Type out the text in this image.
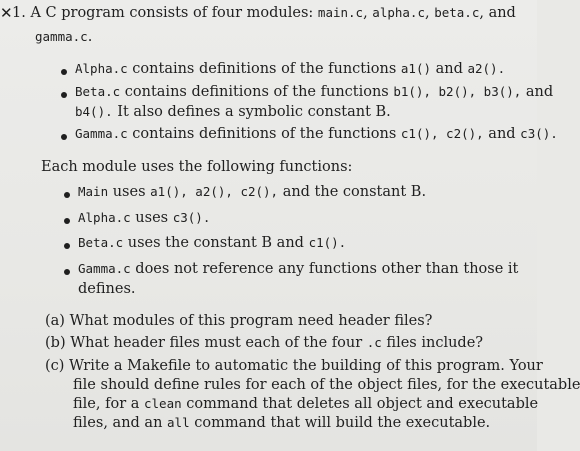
✕ 1. A C program consists of four modules: main.c, alpha.c, beta.c, and
gamma.c.
Alpha.c contains definitions of the functions a1() and a2().
Beta.c contains definitions of the functions b1(), b2(), b3(), and
b4(). It also defines a symbolic constant B.
Gamma.c contains definitions of the functions c1(), c2(), and c3().
Each module uses the following functions:
Main uses a1(), a2(), c2(), and the constant B.
Alpha.c uses c3().
Beta.c uses the constant B and c1().
Gamma.c does not reference any functions other than those it
defines.
(a) What modules of this program need header files?
(b) What header files must each of the four .c files include?
(c) Write a Makefile to automatic the building of this program. Your
file should define rules for each of the object files, for the executable
file, for a clean command that deletes all object and executable
files, and an all command that will build the executable.
